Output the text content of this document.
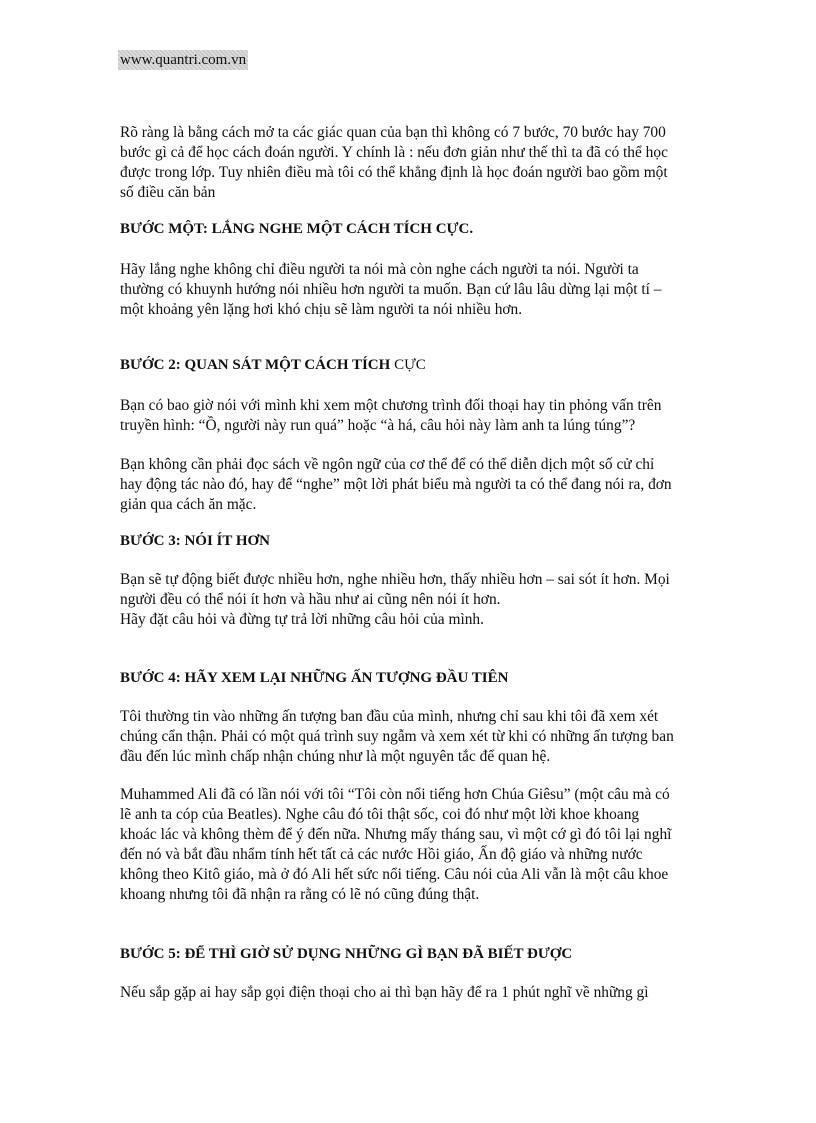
www.quantri.com.vn

Rõ ràng là bằng cách mở ta các giác quan của bạn thì không có 7 bước, 70 bước hay 700

bước gì cả để học cách đoán người. Y chính là : nếu đơn giản như thế thì ta đã có thể học

được trong lớp. Tuy nhiên điều mà tôi có thể khẳng định là học đoán người bao gồm một

số điều căn bản

BƯỚC MỘT: LẮNG NGHE MỘT CÁCH TÍCH CỰC.

Hãy lắng nghe không chỉ điều người ta nói mà còn nghe cách người ta nói. Người ta

thường có khuynh hướng nói nhiều hơn người ta muốn. Bạn cứ lâu lâu dừng lại một tí –

một khoảng yên lặng hơi khó chịu sẽ làm người ta nói nhiều hơn.

BƯỚC 2: QUAN SÁT MỘT CÁCH TÍCH CỰC

Bạn có bao giờ nói với mình khi xem một chương trình đối thoại hay tin phỏng vấn trên

truyền hình: “Ồ, người này run quá” hoặc “à há, câu hỏi này làm anh ta lúng túng”?

Bạn không cần phải đọc sách về ngôn ngữ của cơ thể để có thể diễn dịch một số cử chỉ

hay động tác nào đó, hay để “nghe” một lời phát biểu mà người ta có thể đang nói ra, đơn

giản qua cách ăn mặc.

BƯỚC 3: NÓI ÍT HƠN

Bạn sẽ tự động biết được nhiều hơn, nghe nhiều hơn, thấy nhiều hơn – sai sót ít hơn. Mọi

người đều có thể nói ít hơn và hầu như ai cũng nên nói ít hơn.

Hãy đặt câu hỏi và đừng tự trả lời những câu hỏi của mình.

BƯỚC 4: HÃY XEM LẠI NHỮNG ẤN TƯỢNG ĐẦU TIÊN

Tôi thường tin vào những ấn tượng ban đầu của mình, nhưng chỉ sau khi tôi đã xem xét

chúng cẩn thận. Phải có một quá trình suy ngẫm và xem xét từ khi có những ấn tượng ban

đầu đến lúc mình chấp nhận chúng như là một nguyên tắc để quan hệ.

Muhammed Ali đã có lần nói với tôi “Tôi còn nổi tiếng hơn Chúa Giêsu” (một câu mà có

lẽ anh ta cóp của Beatles). Nghe câu đó tôi thật sốc, coi đó như một lời khoe khoang

khoác lác và không thèm để ý đến nữa. Nhưng mấy tháng sau, vì một cớ gì đó tôi lại nghĩ

đến nó và bắt đầu nhẩm tính hết tất cả các nước Hồi giáo, Ấn độ giáo và những nước

không theo Kitô giáo, mà ở đó Ali hết sức nổi tiếng. Câu nói của Ali vẫn là một câu khoe

khoang nhưng tôi đã nhận ra rằng có lẽ nó cũng đúng thật.

BƯỚC 5: ĐỂ THÌ GIỜ SỬ DỤNG NHỮNG GÌ BẠN ĐÃ BIẾT ĐƯỢC

Nếu sắp gặp ai hay sắp gọi điện thoại cho ai thì bạn hãy để ra 1 phút nghĩ về những gì
